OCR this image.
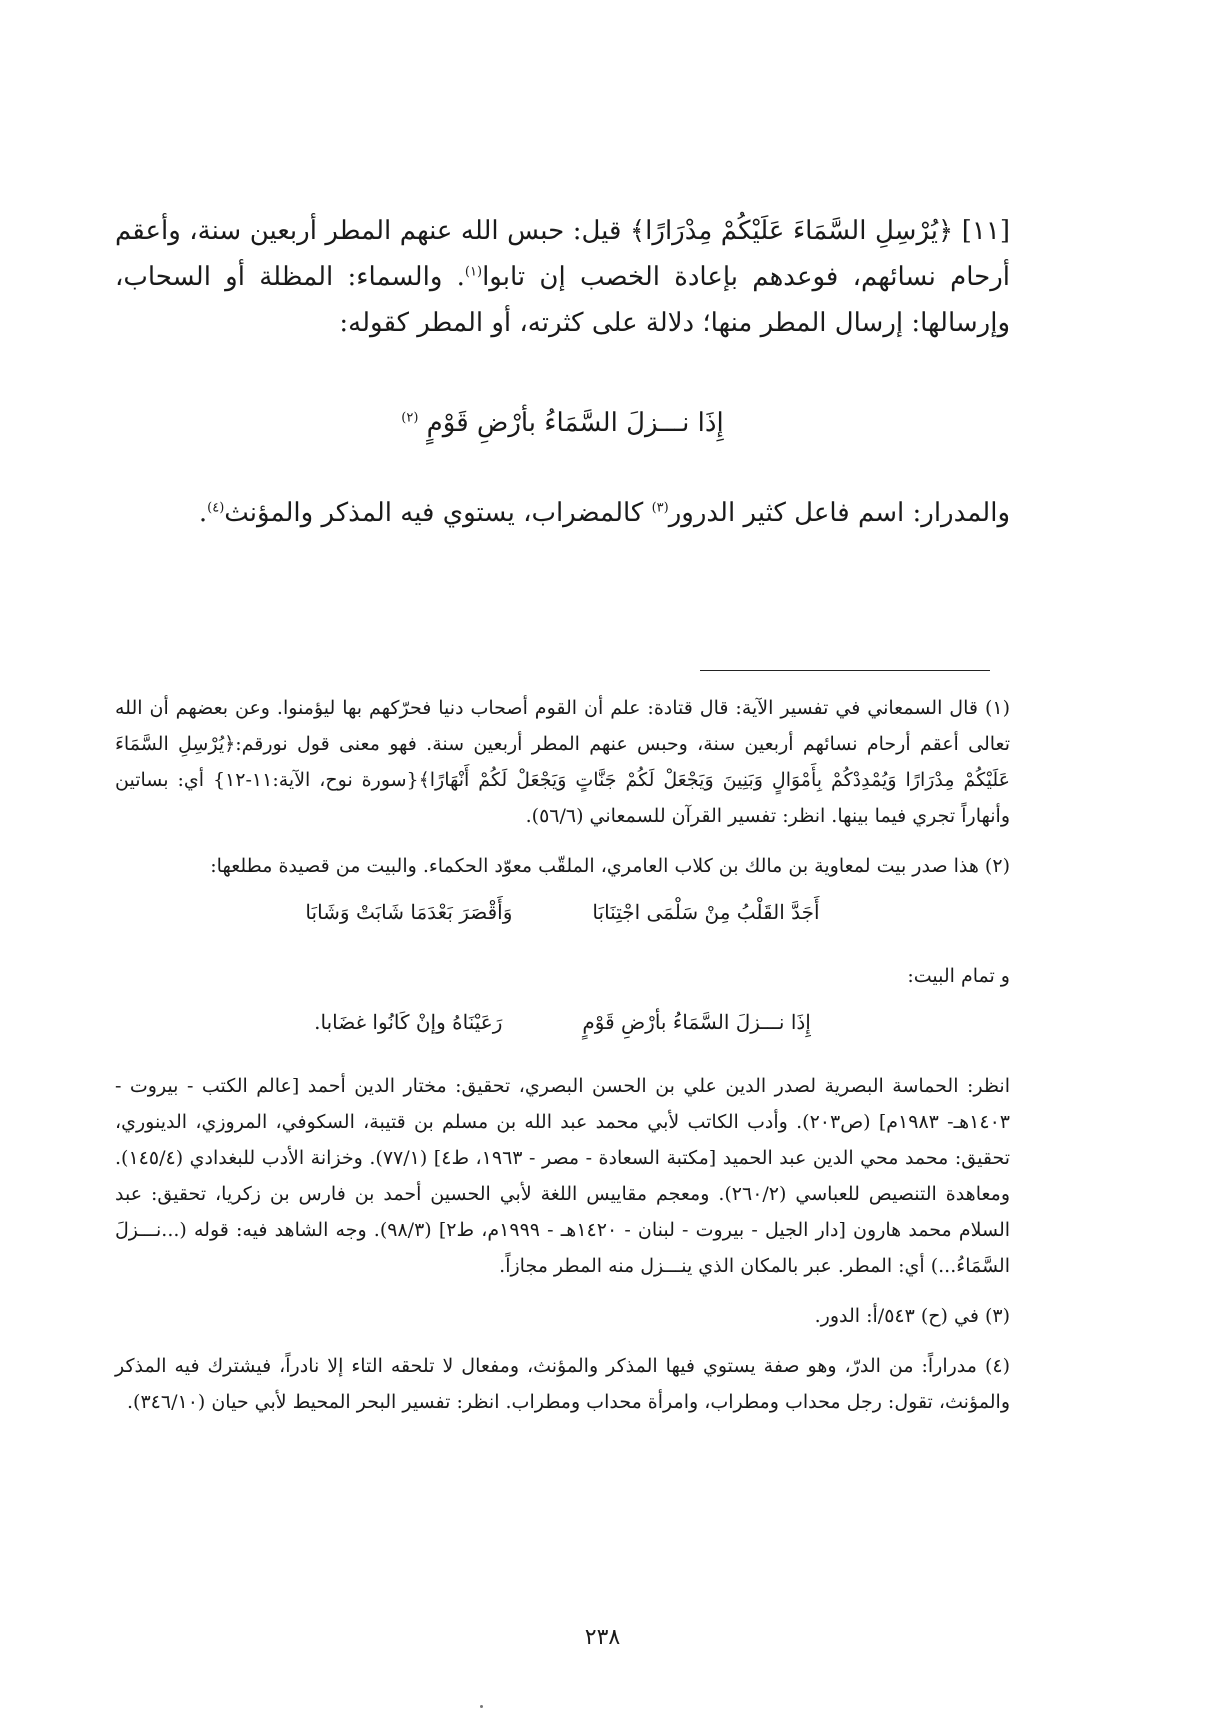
[١١] ﴿يُرْسِلِ السَّمَاءَ عَلَيْكُمْ مِدْرَارًا﴾ قيل: حبس الله عنهم المطر أربعين سنة، وأعقم أرحام نسائهم، فوعدهم بإعادة الخصب إن تابوا$^{(١)}$. والسماء: المظلة أو السحاب، وإرسالها: إرسال المطر منها؛ دلالة على كثرته، أو المطر كقوله:

إِذَا نـــزلَ السَّمَاءُ بأرْضِ قَوْمٍ $^{(٢)}$
والمدرار: اسم فاعل كثير الدرور$^{(٣)}$ كالمضراب، يستوي فيه المذكر والمؤنث$^{(٤)}$.

(١) قال السمعاني في تفسير الآية: قال قتادة: علم أن القوم أصحاب دنيا فحرّكهم بها ليؤمنوا. وعن بعضهم أن الله تعالى أعقم أرحام نسائهم أربعين سنة، وحبس عنهم المطر أربعين سنة. فهو معنى قول نورقم:﴿يُرْسِلِ السَّمَاءَ عَلَيْكُمْ مِدْرَارًا وَيُمْدِدْكُمْ بِأَمْوَالٍ وَبَنِينَ وَيَجْعَلْ لَكُمْ جَنَّاتٍ وَيَجْعَلْ لَكُمْ أَنْهَارًا﴾{سورة نوح، الآية:١١-١٢} أي: بساتين وأنهاراً تجري فيما بينها. انظر: تفسير القرآن للسمعاني (٥٦/٦).

(٢) هذا صدر بيت لمعاوية بن مالك بن كلاب العامري، الملقّب معوّد الحكماء. والبيت من قصيدة مطلعها:

أَجَدَّ القَلْبُ مِنْ سَلْمَى اجْتِنَابَا
وَأَقْصَرَ بَعْدَمَا شَابَتْ وَشَابَا

و تمام البيت:

إِذَا نـــزلَ السَّمَاءُ بأرْضِ قَوْمٍ
رَعَيْنَاهُ وإنْ كَانُوا غضَابا.

انظر: الحماسة البصرية لصدر الدين علي بن الحسن البصري، تحقيق: مختار الدين أحمد [عالم الكتب - بيروت - ١٤٠٣هـ- ١٩٨٣م] (ص٢٠٣). وأدب الكاتب لأبي محمد عبد الله بن مسلم بن قتيبة، السكوفي، المروزي، الدينوري، تحقيق: محمد محي الدين عبد الحميد [مكتبة السعادة - مصر - ١٩٦٣، ط٤] (٧٧/١). وخزانة الأدب للبغدادي (١٤٥/٤). ومعاهدة التنصيص للعباسي (٢٦٠/٢). ومعجم مقاييس اللغة لأبي الحسين أحمد بن فارس بن زكريا، تحقيق: عبد السلام محمد هارون [دار الجيل - بيروت - لبنان - ١٤٢٠هـ - ١٩٩٩م، ط٢] (٩٨/٣). وجه الشاهد فيه: قوله (...نـــزلَ السَّمَاءُ...) أي: المطر. عبر بالمكان الذي ينـــزل منه المطر مجازاً.

(٣) في (ح) ٥٤٣/أ: الدور.

(٤) مدراراً: من الدرّ، وهو صفة يستوي فيها المذكر والمؤنث، ومفعال لا تلحقه التاء إلا نادراً، فيشترك فيه المذكر والمؤنث، تقول: رجل محداب ومطراب، وامرأة محداب ومطراب. انظر: تفسير البحر المحيط لأبي حيان (٣٤٦/١٠).

٢٣٨
